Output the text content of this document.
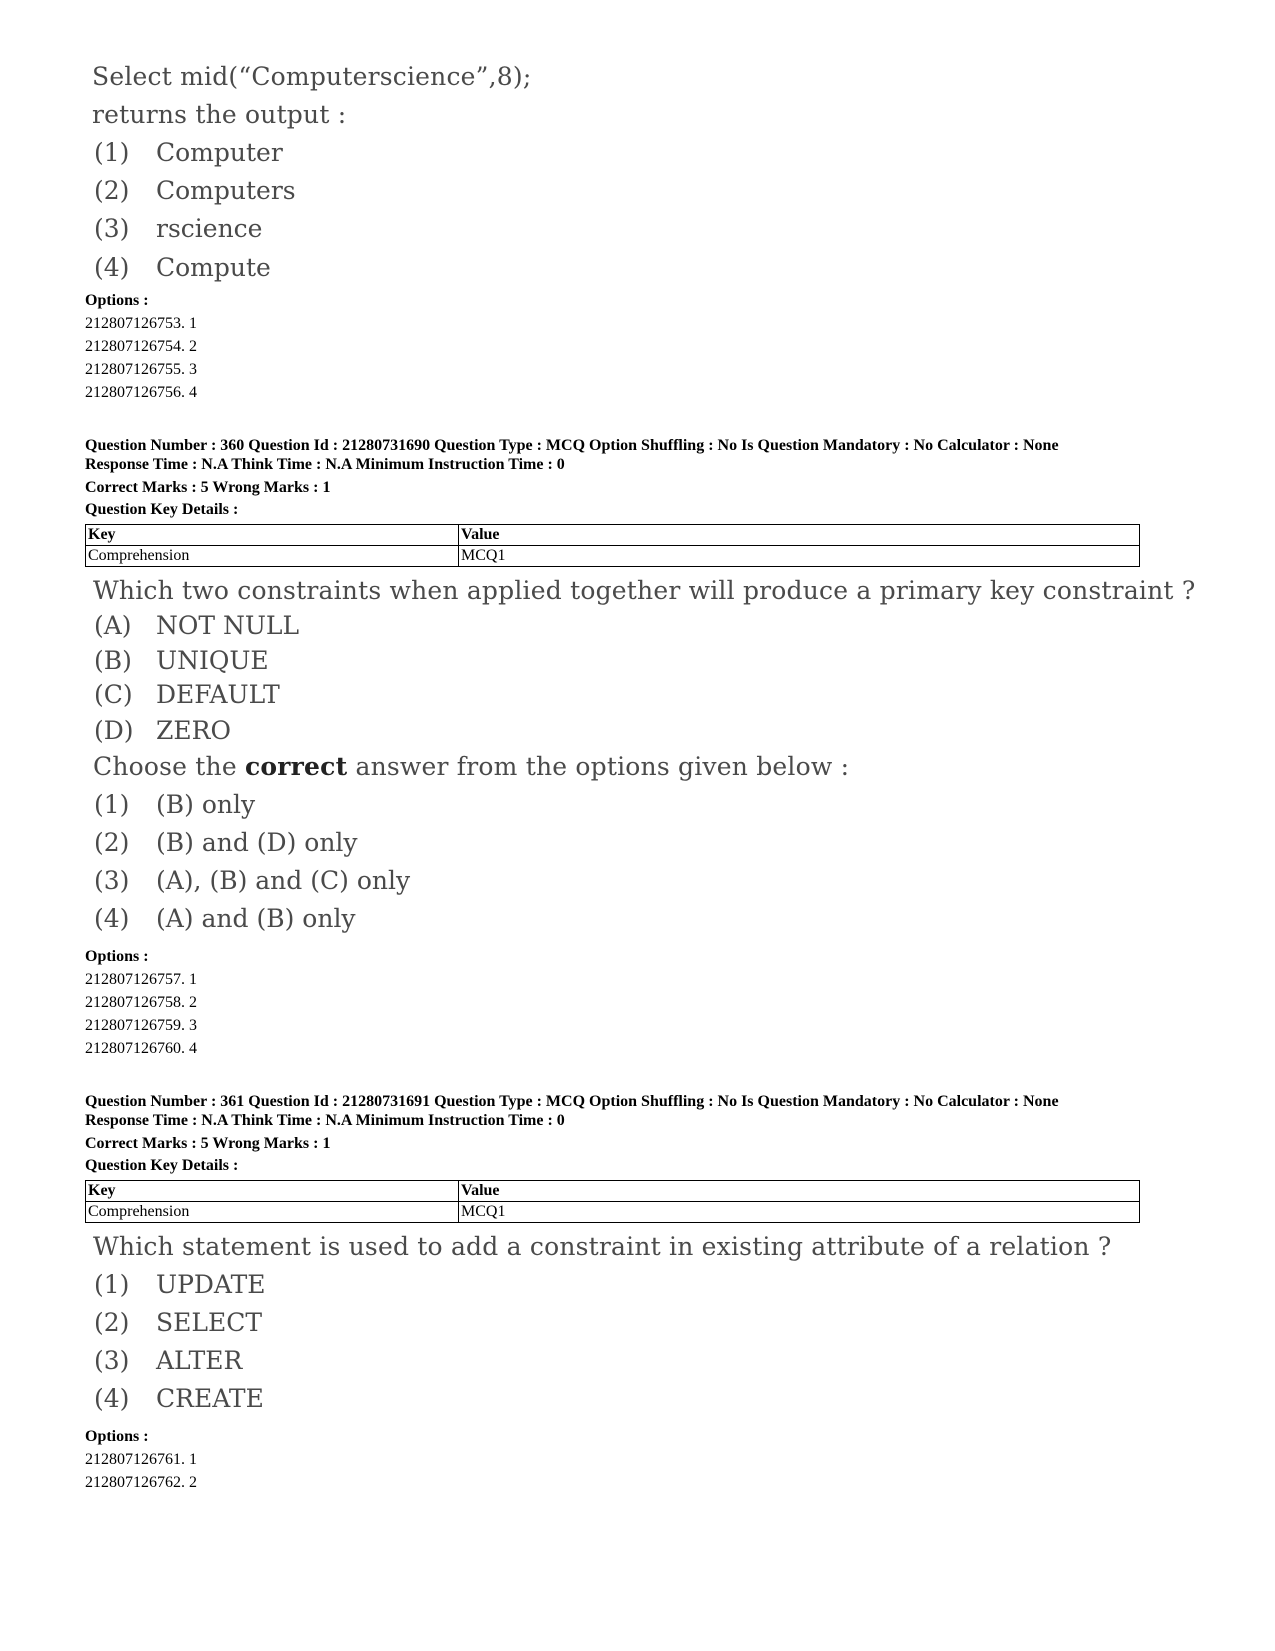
Select mid(“Computerscience”,8);
returns the output :
(1) Computer
(2) Computers
(3) rscience
(4) Compute
Options :
212807126753. 1
212807126754. 2
212807126755. 3
212807126756. 4
Question Number : 360 Question Id : 21280731690 Question Type : MCQ Option Shuffling : No Is Question Mandatory : No Calculator : None
Response Time : N.A Think Time : N.A Minimum Instruction Time : 0
Correct Marks : 5 Wrong Marks : 1
Question Key Details :
Key	Value
Comprehension	MCQ1
Which two constraints when applied together will produce a primary key constraint ?
(A) NOT NULL
(B) UNIQUE
(C) DEFAULT
(D) ZERO
Choose the correct answer from the options given below :
(1) (B) only
(2) (B) and (D) only
(3) (A), (B) and (C) only
(4) (A) and (B) only
Options :
212807126757. 1
212807126758. 2
212807126759. 3
212807126760. 4
Question Number : 361 Question Id : 21280731691 Question Type : MCQ Option Shuffling : No Is Question Mandatory : No Calculator : None
Response Time : N.A Think Time : N.A Minimum Instruction Time : 0
Correct Marks : 5 Wrong Marks : 1
Question Key Details :
Key	Value
Comprehension	MCQ1
Which statement is used to add a constraint in existing attribute of a relation ?
(1) UPDATE
(2) SELECT
(3) ALTER
(4) CREATE
Options :
212807126761. 1
212807126762. 2
